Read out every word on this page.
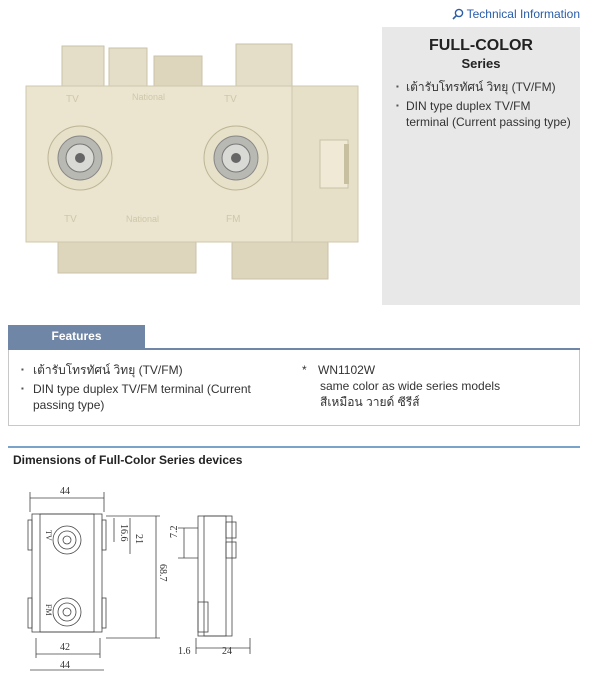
Technical Information
TV	TV
National
TV	National	FM
FULL-COLOR
Series
▪ เต้ารับโทรทัศน์ วิทยุ (TV/FM)
▪ DIN type duplex TV/FM terminal (Current passing type)
Features
▪ เต้ารับโทรทัศน์ วิทยุ (TV/FM)
▪ DIN type duplex TV/FM terminal (Current passing type)
* WN1102W
same color as wide series models
สีเหมือน วายด์ ซีรีส์
Dimensions of Full-Color Series devices
44
16.6 21
68.7
7.2
42
44
1.6	24
TV
FM
